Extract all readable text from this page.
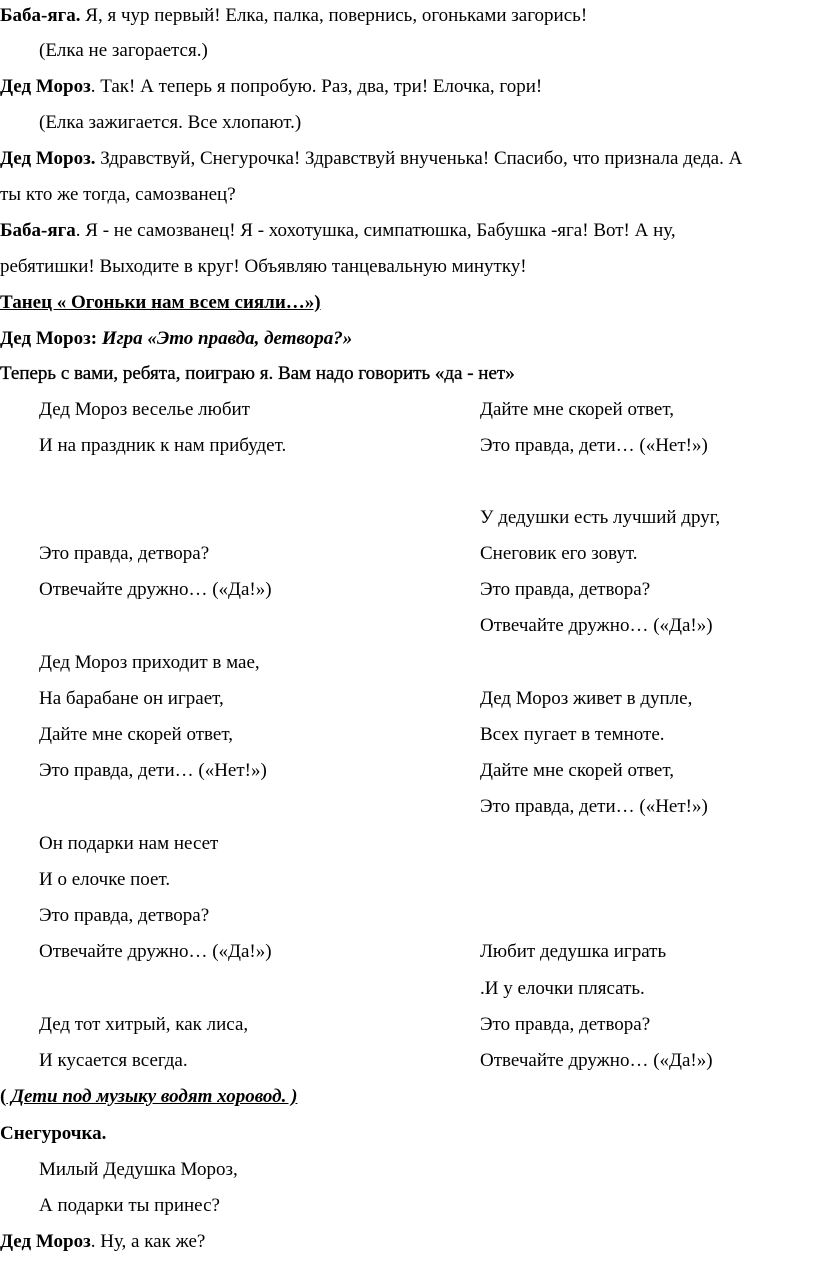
Баба-яга. Я, я чур первый! Елка, палка, повернись, огоньками загорись!
(Елка не загорается.)
Дед Мороз. Так! А теперь я попробую. Раз, два, три! Елочка, гори!
(Елка зажигается. Все хлопают.)
Дед Мороз. Здравствуй, Снегурочка! Здравствуй внученька! Спасибо, что признала деда. А
ты кто же тогда, самозванец?
Баба-яга. Я - не самозванец! Я - хохотушка, симпатюшка, Бабушка -яга! Вот! А ну,
ребятишки! Выходите в круг! Объявляю танцевальную минутку!
Танец « Огоньки нам всем сияли…»)
Дед Мороз: Игра «Это правда, детвора?»
Теперь с вами, ребята, поиграю я. Вам надо говорить «да - нет»
Дед Мороз веселье любит
И на праздник к нам прибудет.
Это правда, детвора?
Отвечайте дружно… («Да!»)
Дед Мороз приходит в мае,
На барабане он играет,
Дайте мне скорей ответ,
Это правда, дети… («Нет!»)
Он подарки нам несет
И о елочке поет.
Это правда, детвора?
Отвечайте дружно… («Да!»)
Дед тот хитрый, как лиса,
И кусается всегда.
Дайте мне скорей ответ,
Это правда, дети… («Нет!»)
У дедушки есть лучший друг,
Снеговик его зовут.
Это правда, детвора?
Отвечайте дружно… («Да!»)
Дед Мороз живет в дупле,
Всех пугает в темноте.
Дайте мне скорей ответ,
Это правда, дети… («Нет!»)
Любит дедушка играть
.И у елочки плясать.
Это правда, детвора?
Отвечайте дружно… («Да!»)
( Дети под музыку водят хоровод. )
Снегурочка.
Милый Дедушка Мороз,
А подарки ты принес?
Дед Мороз. Ну, а как же?
